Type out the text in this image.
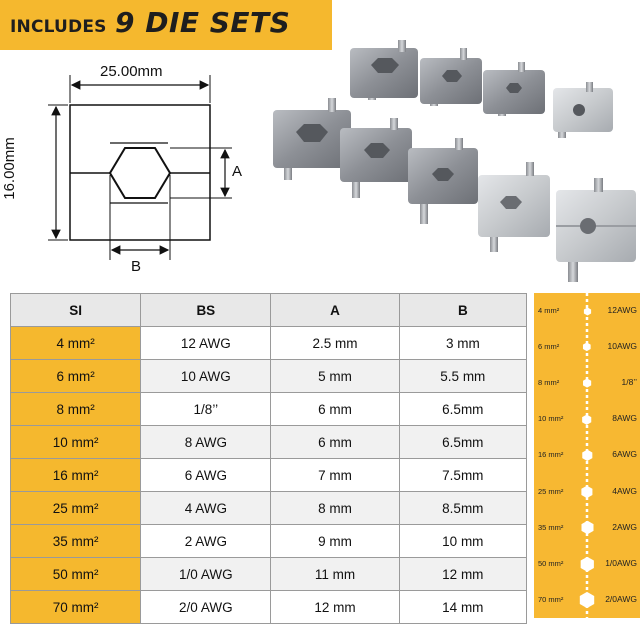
INCLUDES 9 DIE SETS
25.00mm
16.00mm	A
B
SI	BS	A	B
4 mm²	12 AWG	2.5 mm	3 mm
6 mm²	10 AWG	5 mm	5.5 mm
8 mm²	1/8’’	6 mm	6.5mm
10 mm²	8 AWG	6 mm	6.5mm
16 mm²	6 AWG	7 mm	7.5mm
25 mm²	4 AWG	8 mm	8.5mm
35 mm²	2 AWG	9 mm	10 mm
50 mm²	1/0 AWG	11 mm	12 mm
70 mm²	2/0 AWG	12 mm	14 mm
4 mm²	12AWG
6 mm²	10AWG
8 mm²	1/8’’
10 mm²	8AWG
16 mm²	6AWG
25 mm²	4AWG
35 mm²	2AWG
50 mm²	1/0AWG
70 mm²	2/0AWG
